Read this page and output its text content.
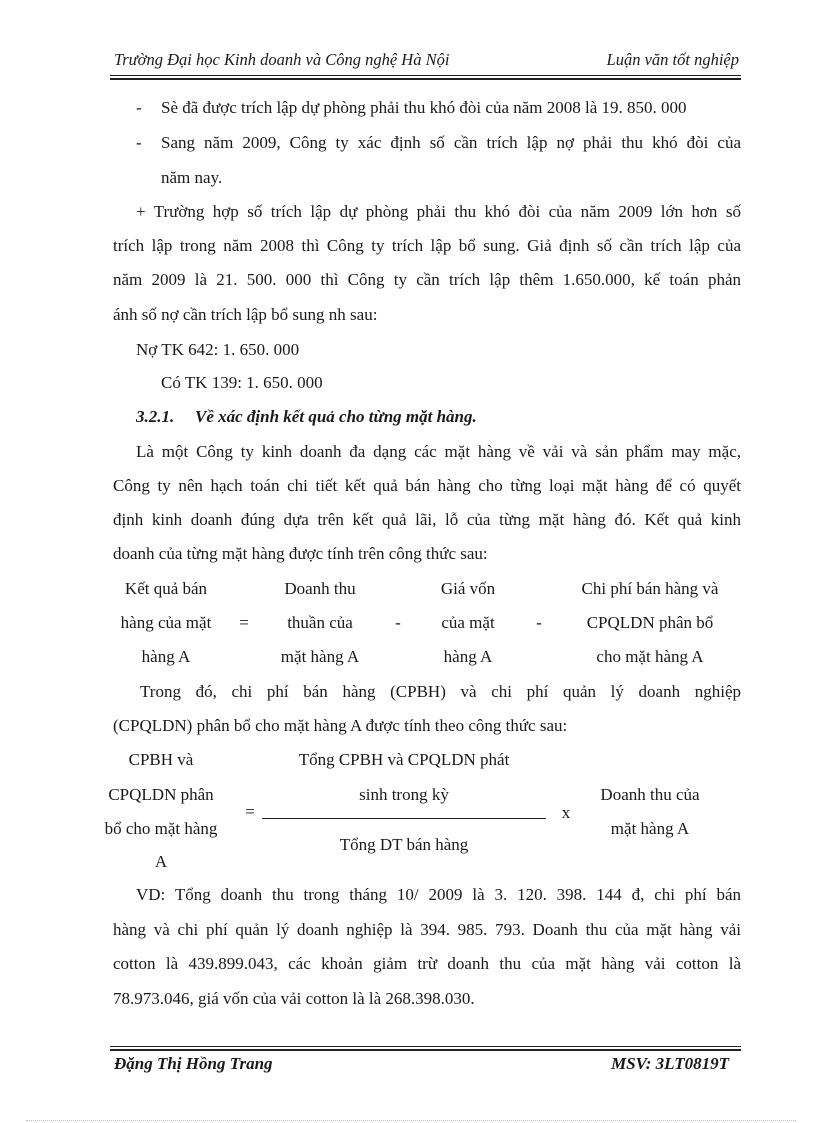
Trường Đại học Kinh doanh và Công nghệ Hà Nội	Luận văn tốt nghiệp
- Sè đã được trích lập dự phòng phải thu khó đòi của năm 2008 là 19. 850. 000
- Sang năm 2009, Công ty xác định số cần trích lập nợ phải thu khó đòi của
năm nay.
+ Trường hợp số trích lập dự phòng phải thu khó đòi của năm 2009 lớn hơn số
trích lập trong năm 2008 thì Công ty trích lập bổ sung. Giả định số cần trích lập của
năm 2009 là 21. 500. 000 thì Công ty cần trích lập thêm 1.650.000, kế toán phản
ánh số nợ cần trích lập bổ sung nh sau:
Nợ TK 642: 1. 650. 000
Có TK 139: 1. 650. 000
3.2.1. Về xác định kết quả cho từng mặt hàng.
Là một Công ty kinh doanh đa dạng các mặt hàng về vải và sản phẩm may mặc,
Công ty nên hạch toán chi tiết kết quả bán hàng cho từng loại mặt hàng để có quyết
định kinh doanh đúng dựa trên kết quả lãi, lỗ của từng mặt hàng đó. Kết quả kinh
doanh của từng mặt hàng được tính trên công thức sau:
Kết quả bán
hàng của mặt
hàng A
=
Doanh thu
thuần của
mặt hàng A
-
Giá vốn
của mặt
hàng A
-
Chi phí bán hàng và
CPQLDN phân bổ
cho mặt hàng A
Trong đó, chi phí bán hàng (CPBH) và chi phí quản lý doanh nghiệp
(CPQLDN) phân bổ cho mặt hàng A được tính theo công thức sau:
CPBH và
CPQLDN phân
bổ cho mặt hàng
A
=
Tổng CPBH và CPQLDN phát
sinh trong kỳ
Tổng DT bán hàng
x
Doanh thu của
mặt hàng A
VD: Tổng doanh thu trong tháng 10/ 2009 là 3. 120. 398. 144 đ, chi phí bán
hàng và chi phí quản lý doanh nghiệp là 394. 985. 793. Doanh thu của mặt hàng vải
cotton là 439.899.043, các khoản giảm trừ doanh thu của mặt hàng vải cotton là
78.973.046, giá vốn của vải cotton là là 268.398.030.
Đặng Thị Hồng Trang	MSV: 3LT0819T
